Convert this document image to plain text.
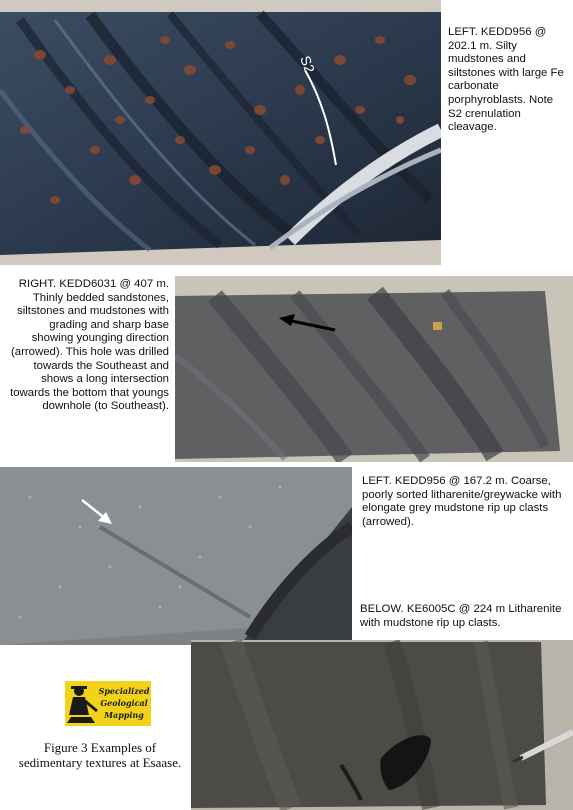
S2
LEFT. KEDD956 @ 202.1 m. Silty mudstones and siltstones with large Fe carbonate porphyroblasts. Note S2 crenulation cleavage.
RIGHT. KEDD6031 @ 407 m. Thinly bedded sandstones, siltstones and mudstones with grading and sharp base showing younging direction (arrowed). This hole was drilled towards the Southeast and shows a long intersection towards the bottom that youngs downhole (to Southeast).
LEFT. KEDD956 @ 167.2 m. Coarse, poorly sorted litharenite/greywacke with elongate grey mudstone rip up clasts (arrowed).
BELOW. KE6005C @ 224 m Litharenite with mudstone rip up clasts.
Specialized
Geological
Mapping
Figure 3 Examples of sedimentary textures at Esaase.
